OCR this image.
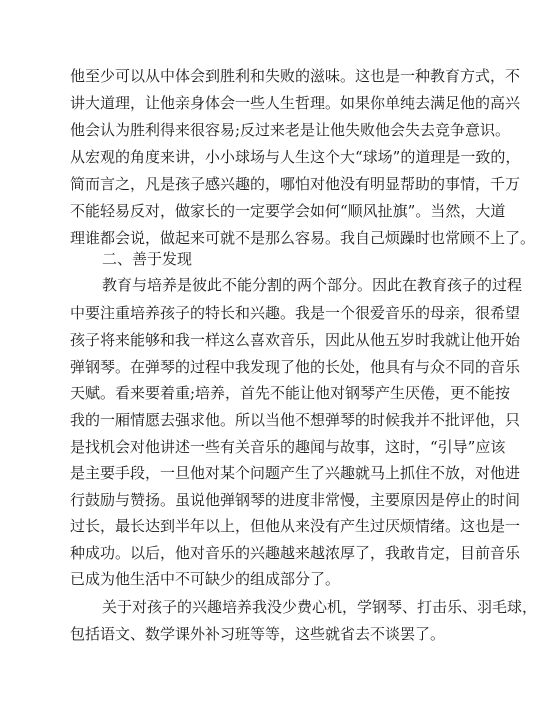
他至少可以从中体会到胜利和失败的滋味。这也是一种教育方式，不
讲大道理，让他亲身体会一些人生哲理。如果你单纯去满足他的高兴
他会认为胜利得来很容易;反过来老是让他失败他会失去竞争意识。
从宏观的角度来讲，小小球场与人生这个大“球场”的道理是一致的，
简而言之，凡是孩子感兴趣的，哪怕对他没有明显帮助的事情，千万
不能轻易反对，做家长的一定要学会如何“顺风扯旗”。当然，大道
理谁都会说，做起来可就不是那么容易。我自己烦躁时也常顾不上了。
二、善于发现
教育与培养是彼此不能分割的两个部分。因此在教育孩子的过程
中要注重培养孩子的特长和兴趣。我是一个很爱音乐的母亲，很希望
孩子将来能够和我一样这么喜欢音乐，因此从他五岁时我就让他开始
弹钢琴。在弹琴的过程中我发现了他的长处，他具有与众不同的音乐
天赋。看来要着重;培养，首先不能让他对钢琴产生厌倦，更不能按
我的一厢情愿去强求他。所以当他不想弹琴的时候我并不批评他，只
是找机会对他讲述一些有关音乐的趣闻与故事，这时，“引导”应该
是主要手段，一旦他对某个问题产生了兴趣就马上抓住不放，对他进
行鼓励与赞扬。虽说他弹钢琴的进度非常慢，主要原因是停止的时间
过长，最长达到半年以上，但他从来没有产生过厌烦情绪。这也是一
种成功。以后，他对音乐的兴趣越来越浓厚了，我敢肯定，目前音乐
已成为他生活中不可缺少的组成部分了。
关于对孩子的兴趣培养我没少费心机，学钢琴、打击乐、羽毛球，
包括语文、数学课外补习班等等，这些就省去不谈罢了。
